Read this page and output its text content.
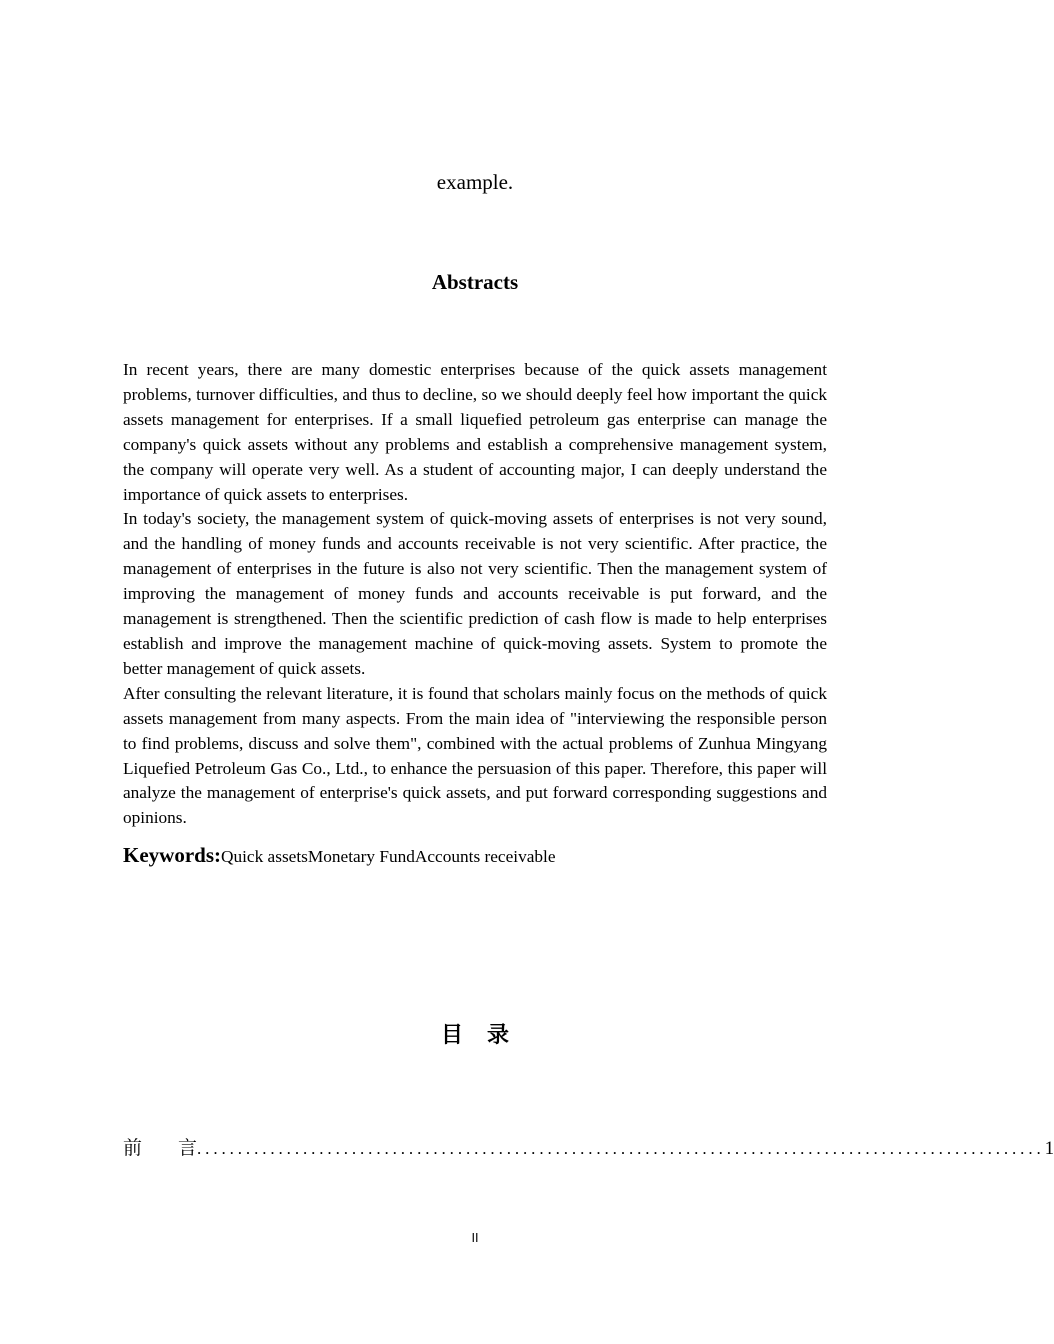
example.
Abstracts

In recent years, there are many domestic enterprises because of the quick assets management problems, turnover difficulties, and thus to decline, so we should deeply feel how important the quick assets management for enterprises. If a small liquefied petroleum gas enterprise can manage the company's quick assets without any problems and establish a comprehensive management system, the company will operate very well. As a student of accounting major, I can deeply understand the importance of quick assets to enterprises.

In today's society, the management system of quick-moving assets of enterprises is not very sound, and the handling of money funds and accounts receivable is not very scientific. After practice, the management of enterprises in the future is also not very scientific. Then the management system of improving the management of money funds and accounts receivable is put forward, and the management is strengthened. Then the scientific prediction of cash flow is made to help enterprises establish and improve the management machine of quick-moving assets. System to promote the better management of quick assets.

After consulting the relevant literature, it is found that scholars mainly focus on the methods of quick assets management from many aspects. From the main idea of "interviewing the responsible person to find problems, discuss and solve them", combined with the actual problems of Zunhua Mingyang Liquefied Petroleum Gas Co., Ltd., to enhance the persuasion of this paper. Therefore, this paper will analyze the management of enterprise's quick assets, and put forward corresponding suggestions and opinions.

Keywords:Quick assetsMonetary FundAccounts receivable
目录
前言
........................................................................................................ 1
II
